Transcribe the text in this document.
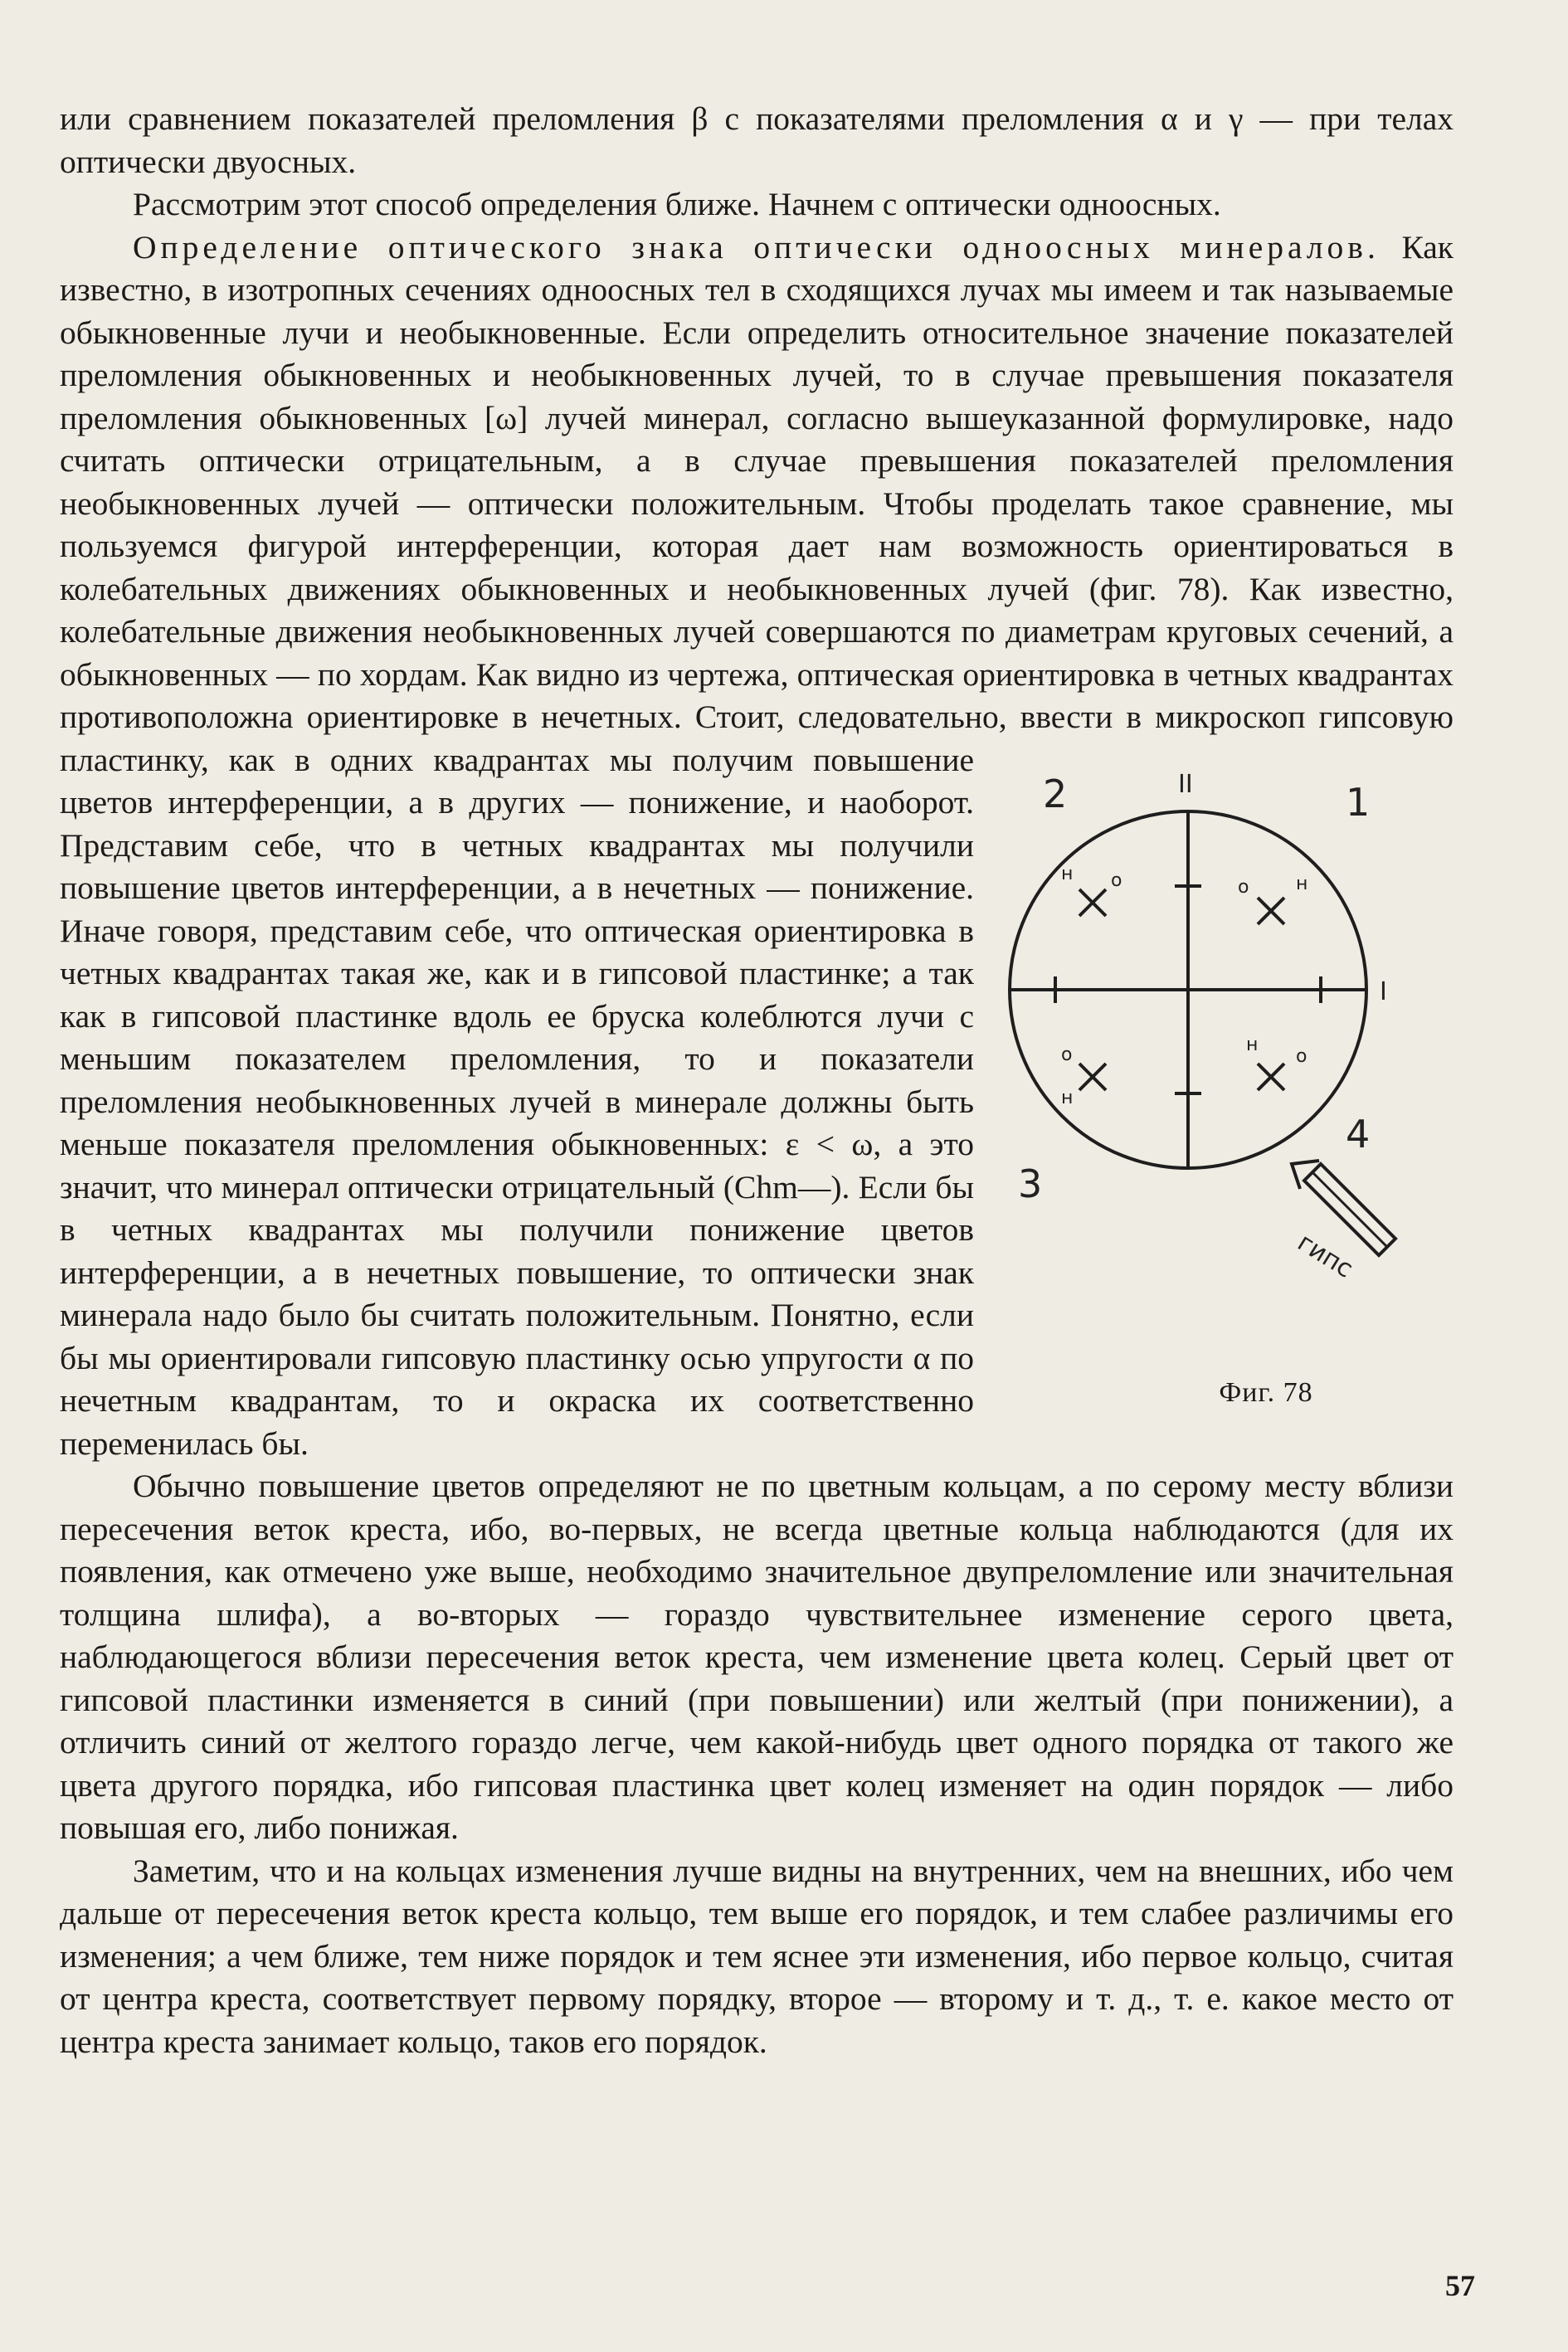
или сравнением показателей преломления β с показателями преломления α и γ — при телах оптически двуосных.

Рассмотрим этот способ определения ближе. Начнем с оптически одноосных.

Определение оптического знака оптически одноосных минералов. Как известно, в изотропных сечениях одноосных тел в сходящихся лучах мы имеем и так называемые обыкновенные лучи и необыкновенные. Если определить относительное значение показателей преломления обыкновенных и необыкновенных лучей, то в случае превышения показателя преломления обыкновенных [ω] лучей минерал, согласно вышеуказанной формулировке, надо считать оптически отрицательным, а в случае превышения показателей преломления необыкновенных лучей — оптически положительным. Чтобы проделать такое сравнение, мы пользуемся фигурой интерференции, которая дает нам возможность ориентироваться в колебательных движениях обыкновенных и необыкновенных лучей (фиг. 78). Как известно, колебательные движения необыкновенных лучей совершаются по диаметрам круговых сечений, а обыкновенных — по хордам. Как видно из чертежа, оптическая ориентировка в четных квадрантах противоположна ориентировке в нечетных. Стоит, следовательно, ввести в микроскоп гипсовую
н о	н
о
н
о	н
о
2	1
3
4
II
I
гипс
Фиг. 78
пластинку, как в одних квадрантах мы получим повышение цветов интерференции, а в других — понижение, и наоборот. Представим себе, что в четных квадрантах мы получили повышение цветов интерференции, а в нечетных — понижение. Иначе говоря, представим себе, что оптическая ориентировка в четных квадрантах такая же, как и в гипсовой пластинке; а так как в гипсовой пластинке вдоль ее бруска колеблются лучи с меньшим показателем преломления, то и показатели преломления необыкновенных лучей в минерале должны быть меньше показателя преломления обыкновенных: ε < ω, а это значит, что минерал оптически отрицательный (Chm—). Если бы в четных квадрантах мы получили понижение цветов интерференции, а в нечетных повышение, то оптически знак минерала надо было бы считать положительным. Понятно, если бы мы ориентировали гипсовую пластинку осью упругости α по нечетным квадрантам, то и окраска их соответственно переменилась бы.

Обычно повышение цветов определяют не по цветным кольцам, а по серому месту вблизи пересечения веток креста, ибо, во-первых, не всегда цветные кольца наблюдаются (для их появления, как отмечено уже выше, необходимо значительное двупреломление или значительная толщина шлифа), а во-вторых — гораздо чувствительнее изменение серого цвета, наблюдающегося вблизи пересечения веток креста, чем изменение цвета колец. Серый цвет от гипсовой пластинки изменяется в синий (при повышении) или желтый (при понижении), а отличить синий от желтого гораздо легче, чем какой-нибудь цвет одного порядка от такого же цвета другого порядка, ибо гипсовая пластинка цвет колец изменяет на один порядок — либо повышая его, либо понижая.

Заметим, что и на кольцах изменения лучше видны на внутренних, чем на внешних, ибо чем дальше от пересечения веток креста кольцо, тем выше его порядок, и тем слабее различимы его изменения; а чем ближе, тем ниже порядок и тем яснее эти изменения, ибо первое кольцо, считая от центра креста, соответствует первому порядку, второе — второму и т. д., т. е. какое место от центра креста занимает кольцо, таков его порядок.

57
